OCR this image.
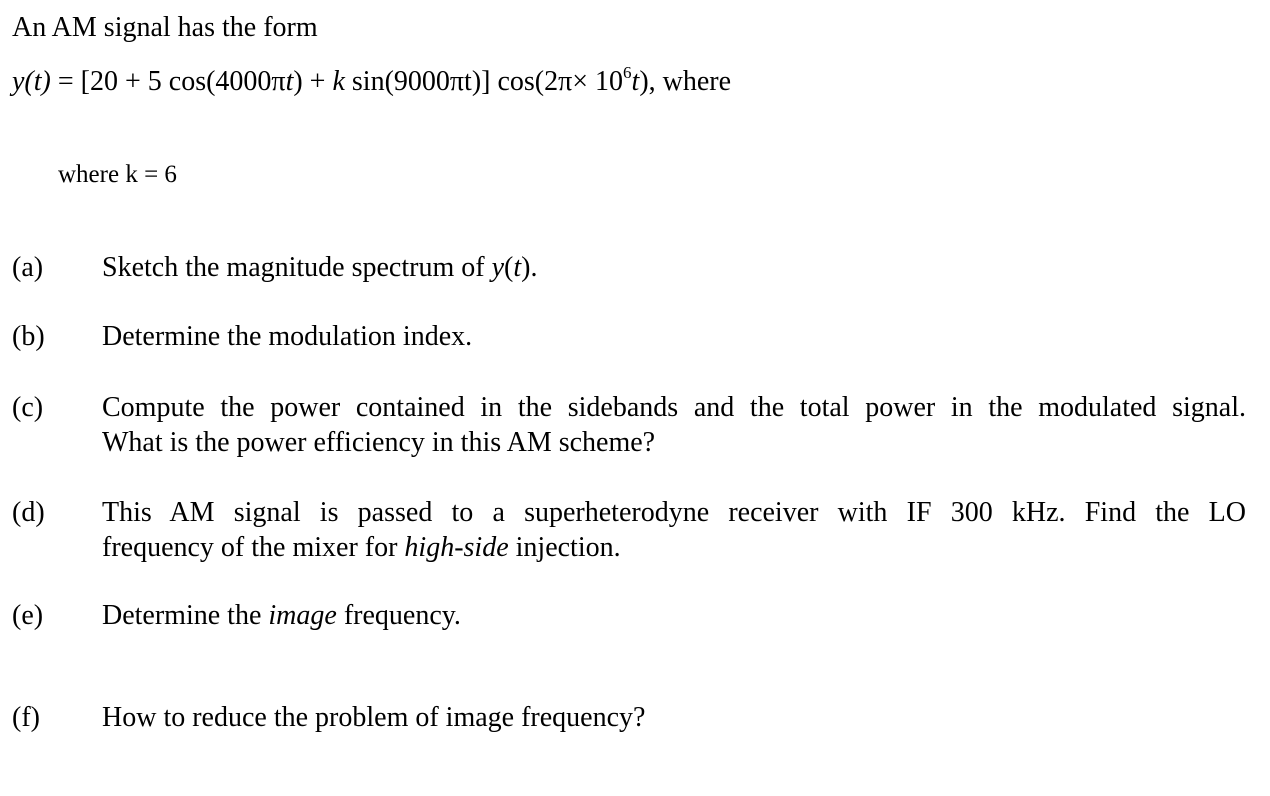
An AM signal has the form
y(t) = [20 + 5 cos(4000πt) + k sin(9000πt)] $\cos(2\pi\times 10^6t)$, where
where k = 6
(a) Sketch the magnitude spectrum of y(t).
(b) Determine the modulation index.
(c) Compute the power contained in the sidebands and the total power in the modulated signal.
What is the power efficiency in this AM scheme?
(d) This AM signal is passed to a superheterodyne receiver with IF 300 kHz. Find the LO
frequency of the mixer for high-side injection.
(e) Determine the image frequency.
(f) How to reduce the problem of image frequency?
